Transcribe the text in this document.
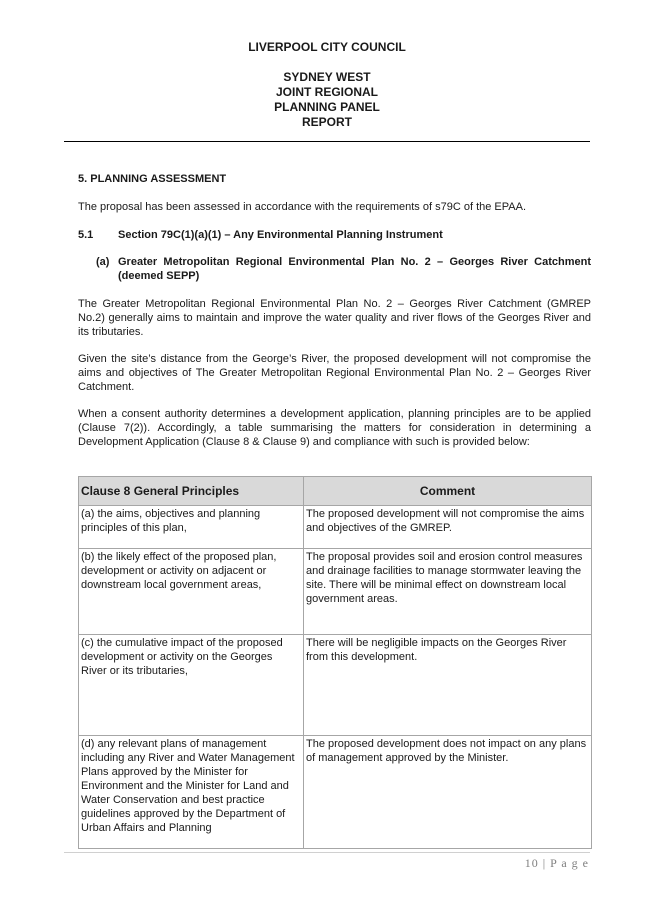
LIVERPOOL CITY COUNCIL
SYDNEY WEST
JOINT REGIONAL
PLANNING PANEL
REPORT
5. PLANNING ASSESSMENT
The proposal has been assessed in accordance with the requirements of s79C of the EPAA.
5.1 Section 79C(1)(a)(1) – Any Environmental Planning Instrument
(a) Greater Metropolitan Regional Environmental Plan No. 2 – Georges River Catchment (deemed SEPP)
The Greater Metropolitan Regional Environmental Plan No. 2 – Georges River Catchment (GMREP No.2) generally aims to maintain and improve the water quality and river flows of the Georges River and its tributaries.
Given the site’s distance from the George’s River, the proposed development will not compromise the aims and objectives of The Greater Metropolitan Regional Environmental Plan No. 2 – Georges River Catchment.
When a consent authority determines a development application, planning principles are to be applied (Clause 7(2)). Accordingly, a table summarising the matters for consideration in determining a Development Application (Clause 8 & Clause 9) and compliance with such is provided below:
Clause 8 General Principles	Comment
(a) the aims, objectives and planning principles of this plan,	The proposed development will not compromise the aims and objectives of the GMREP.
(b) the likely effect of the proposed plan, development or activity on adjacent or downstream local government areas,	The proposal provides soil and erosion control measures and drainage facilities to manage stormwater leaving the site. There will be minimal effect on downstream local government areas.
(c) the cumulative impact of the proposed development or activity on the Georges River or its tributaries,	There will be negligible impacts on the Georges River from this development.
(d) any relevant plans of management including any River and Water Management Plans approved by the Minister for Environment and the Minister for Land and Water Conservation and best practice guidelines approved by the Department of Urban Affairs and Planning	The proposed development does not impact on any plans of management approved by the Minister.
10 | P a g e
